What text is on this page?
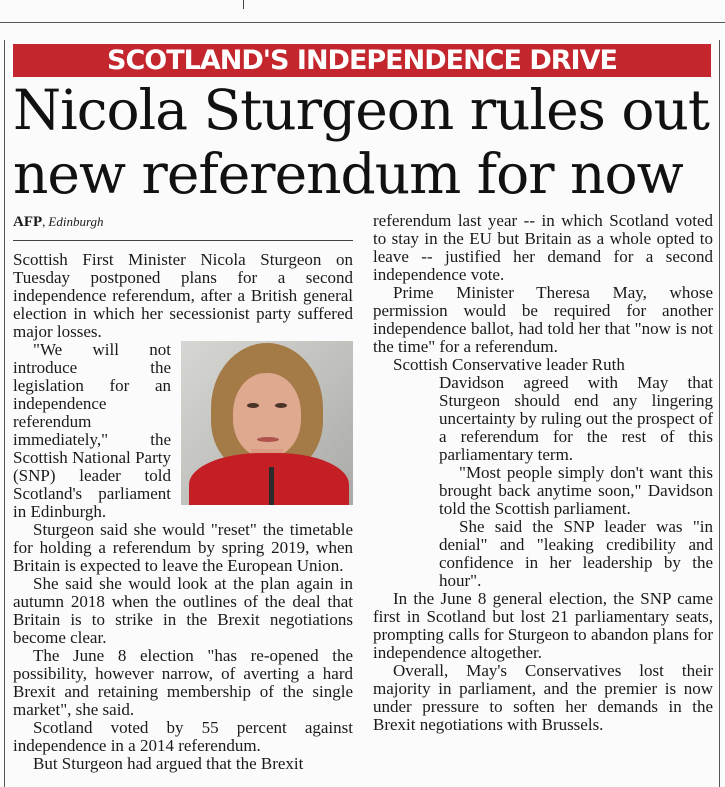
SCOTLAND'S INDEPENDENCE DRIVE
Nicola Sturgeon rules out
new referendum for now
AFP, Edinburgh

Scottish First Minister Nicola Sturgeon on Tuesday postponed plans for a second independence referendum, after a British general election in which her secessionist party suffered major losses.

"We will not introduce the legislation for an independence referendum immediately," the Scottish National Party (SNP) leader told Scotland's parliament in Edinburgh.

Sturgeon said she would "reset" the timetable for holding a referendum by spring 2019, when Britain is expected to leave the European Union.

She said she would look at the plan again in autumn 2018 when the outlines of the deal that Britain is to strike in the Brexit negotiations become clear.

The June 8 election "has re-opened the possibility, however narrow, of averting a hard Brexit and retaining membership of the single market", she said.

Scotland voted by 55 percent against independence in a 2014 referendum.

But Sturgeon had argued that the Brexit

referendum last year -- in which Scotland voted to stay in the EU but Britain as a whole opted to leave -- justified her demand for a second independence vote.

Prime Minister Theresa May, whose permission would be required for another independence ballot, had told her that "now is not the time" for a referendum.

Scottish Conservative leader Ruth

Davidson agreed with May that Sturgeon should end any lingering uncertainty by ruling out the prospect of a referendum for the rest of this parliamentary term.

"Most people simply don't want this brought back anytime soon," Davidson told the Scottish parliament.

She said the SNP leader was "in denial" and "leaking credibility and confidence in her leadership by the hour".

In the June 8 general election, the SNP came first in Scotland but lost 21 parliamentary seats, prompting calls for Sturgeon to abandon plans for independence altogether.

Overall, May's Conservatives lost their majority in parliament, and the premier is now under pressure to soften her demands in the Brexit negotiations with Brussels.
